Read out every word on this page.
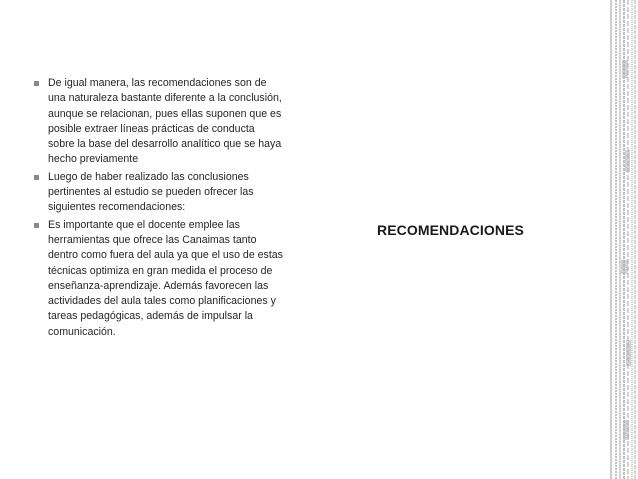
De igual manera, las recomendaciones son de una naturaleza bastante diferente a la conclusión, aunque se relacionan, pues ellas suponen que es posible extraer líneas prácticas de conducta sobre la base del desarrollo analítico que se haya hecho previamente
Luego de haber realizado las conclusiones pertinentes al estudio se pueden ofrecer las siguientes recomendaciones:
Es importante que el docente emplee las herramientas que ofrece las Canaimas tanto dentro como fuera del aula ya que el uso de estas técnicas optimiza en gran medida el proceso de enseñanza-aprendizaje. Además favorecen las actividades del aula tales como planificaciones y tareas pedagógicas, además de impulsar la comunicación.
RECOMENDACIONES
